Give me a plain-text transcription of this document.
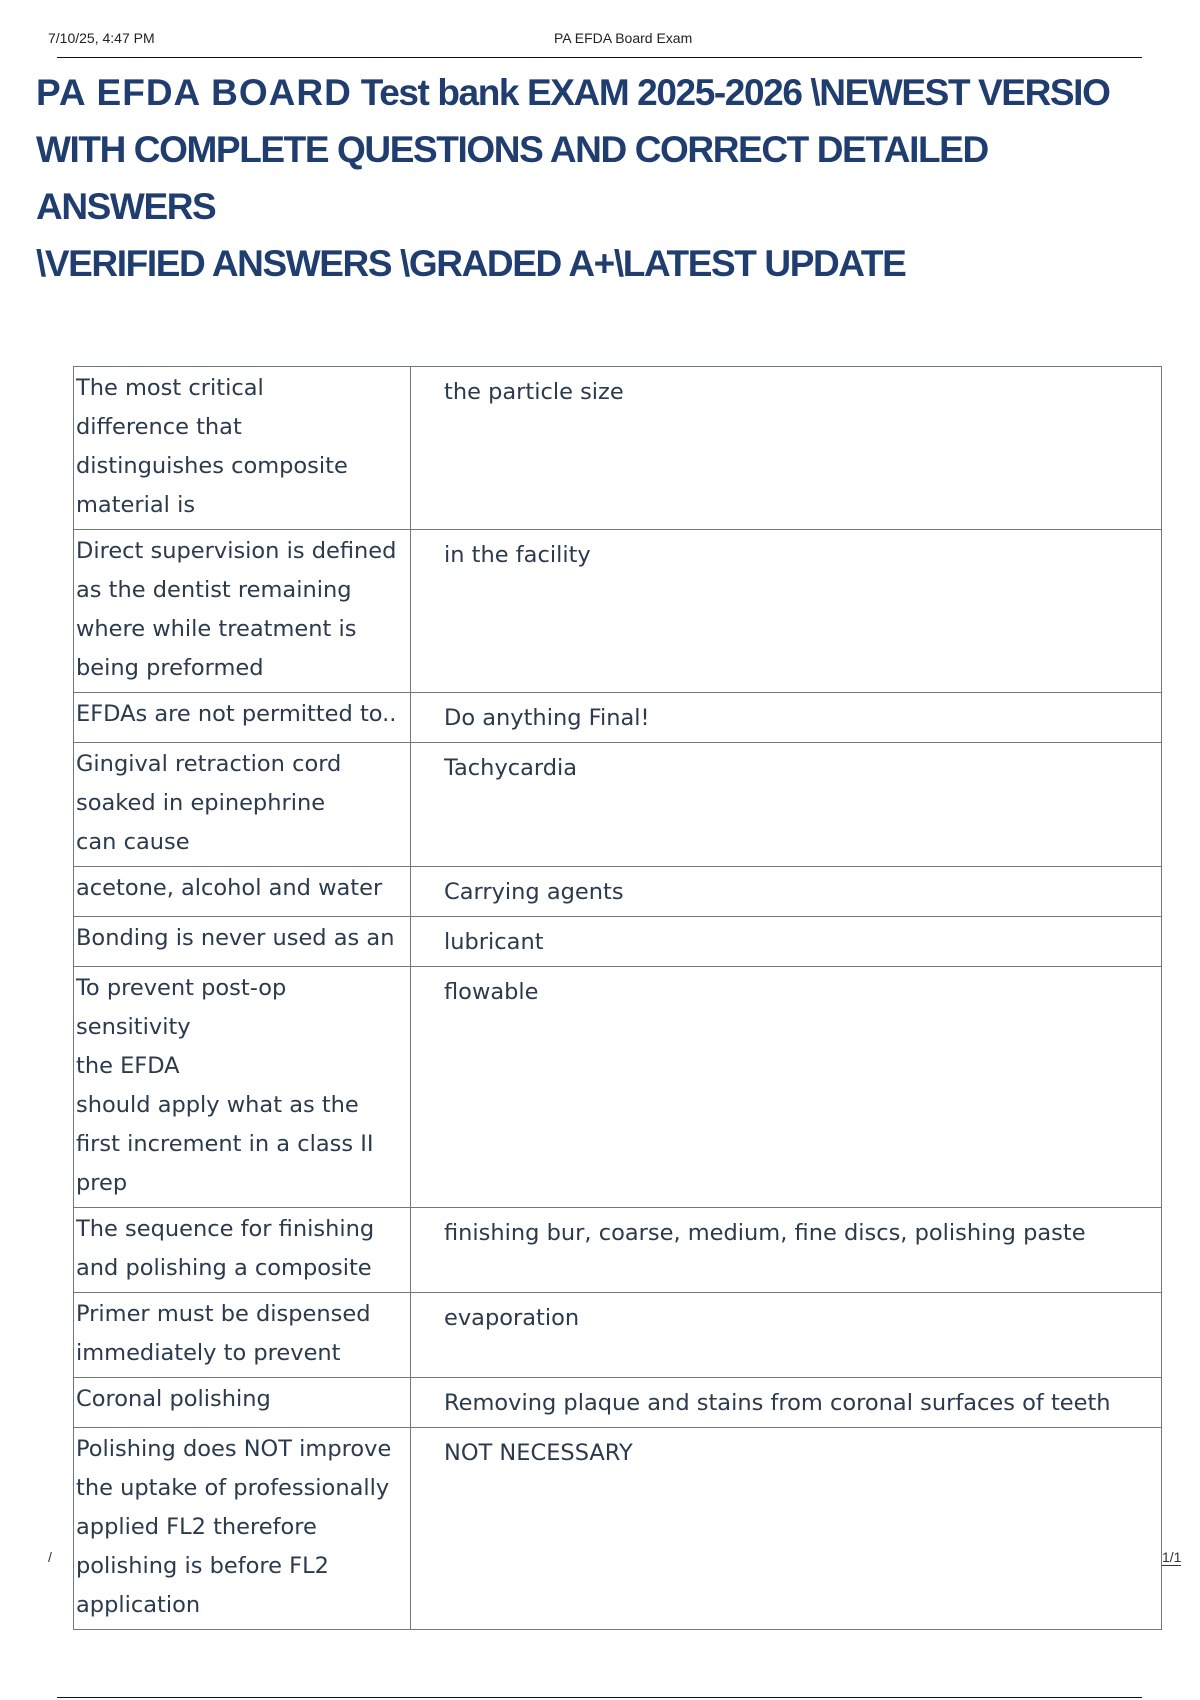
7/10/25, 4:47 PM	PA EFDA Board Exam
PA EFDA BOARD Test bank EXAM 2025-2026 \NEWEST VERSIO
WITH COMPLETE QUESTIONS AND CORRECT DETAILED ANSWERS
\VERIFIED ANSWERS \GRADED A+\LATEST UPDATE
The most critical
difference that
distinguishes composite
material is	the particle size
Direct supervision is defined
as the dentist remaining
where while treatment is
being preformed	in the facility
EFDAs are not permitted to..	Do anything Final!
Gingival retraction cord
soaked in epinephrine
can cause	Tachycardia
acetone, alcohol and water	Carrying agents
Bonding is never used as an	lubricant
To prevent post-op sensitivity
the EFDA
should apply what as the
first increment in a class II
prep	flowable
The sequence for finishing
and polishing a composite	finishing bur, coarse, medium, fine discs, polishing paste
Primer must be dispensed
immediately to prevent	evaporation
Coronal polishing	Removing plaque and stains from coronal surfaces of teeth
Polishing does NOT improve
the uptake of professionally
applied FL2 therefore
polishing is before FL2
application	NOT NECESSARY
/	1/1
